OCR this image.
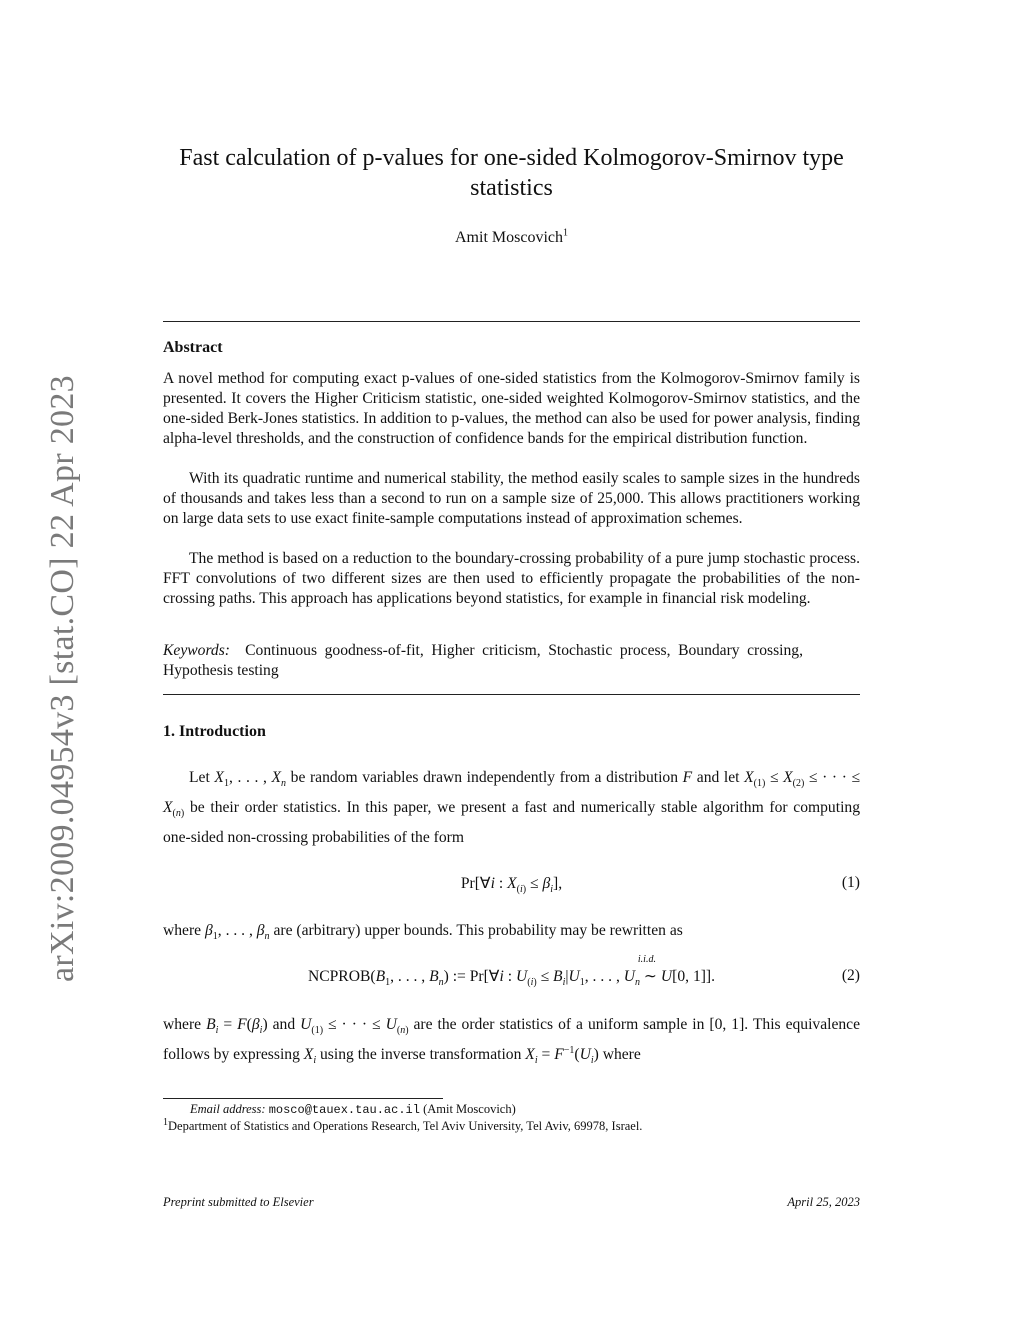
arXiv:2009.04954v3 [stat.CO] 22 Apr 2023
Fast calculation of p-values for one-sided Kolmogorov-Smirnov type
statistics
Amit Moscovich$^1$
Abstract
A novel method for computing exact p-values of one-sided statistics from the Kolmogorov-Smirnov family is presented. It covers the Higher Criticism statistic, one-sided weighted Kolmogorov-Smirnov statistics, and the one-sided Berk-Jones statistics. In addition to p-values, the method can also be used for power analysis, finding alpha-level thresholds, and the construction of confidence bands for the empirical distribution function.
With its quadratic runtime and numerical stability, the method easily scales to sample sizes in the hundreds of thousands and takes less than a second to run on a sample size of 25,000. This allows practitioners working on large data sets to use exact finite-sample computations instead of approximation schemes.
The method is based on a reduction to the boundary-crossing probability of a pure jump stochastic process. FFT convolutions of two different sizes are then used to efficiently propagate the probabilities of the non-crossing paths. This approach has applications beyond statistics, for example in financial risk modeling.
Keywords: Continuous goodness-of-fit, Higher criticism, Stochastic process, Boundary crossing, Hypothesis testing
1. Introduction
Let $X_1$, . . . , $X_n$ be random variables drawn independently from a distribution F and let $X_{(1)} \le X_{(2)}$ ≤ · · · ≤ $X_{(n)}$ be their order statistics. In this paper, we present a fast and numerically stable algorithm for computing one-sided non-crossing probabilities of the form
Pr[∀i : $X_{(i)} \le \beta_i$],	(1)
where $\beta_1$, . . . , $\beta_n$ are (arbitrary) upper bounds. This probability may be rewritten as
$NCPROB(B_1$, . . . , $B_n$) := Pr[∀i : $U_{(i)} \le B_i|U_1$, . . . , $U_n$
i.i.d.
∼ U[0, 1]].	(2)
where $B_i = F(\beta_i)$ and $U_{(1)}$ ≤ · · · ≤ $U_{(n)}$ are the order statistics of a uniform sample in [0, 1]. This equivalence follows by expressing $X_i$ using the inverse transformation $X_i = F^{-1}(U_i)$ where
Email address: mosco@tauex.tau.ac.il (Amit Moscovich)
$^1$Department of Statistics and Operations Research, Tel Aviv University, Tel Aviv, 69978, Israel.
Preprint submitted to Elsevier	April 25, 2023
